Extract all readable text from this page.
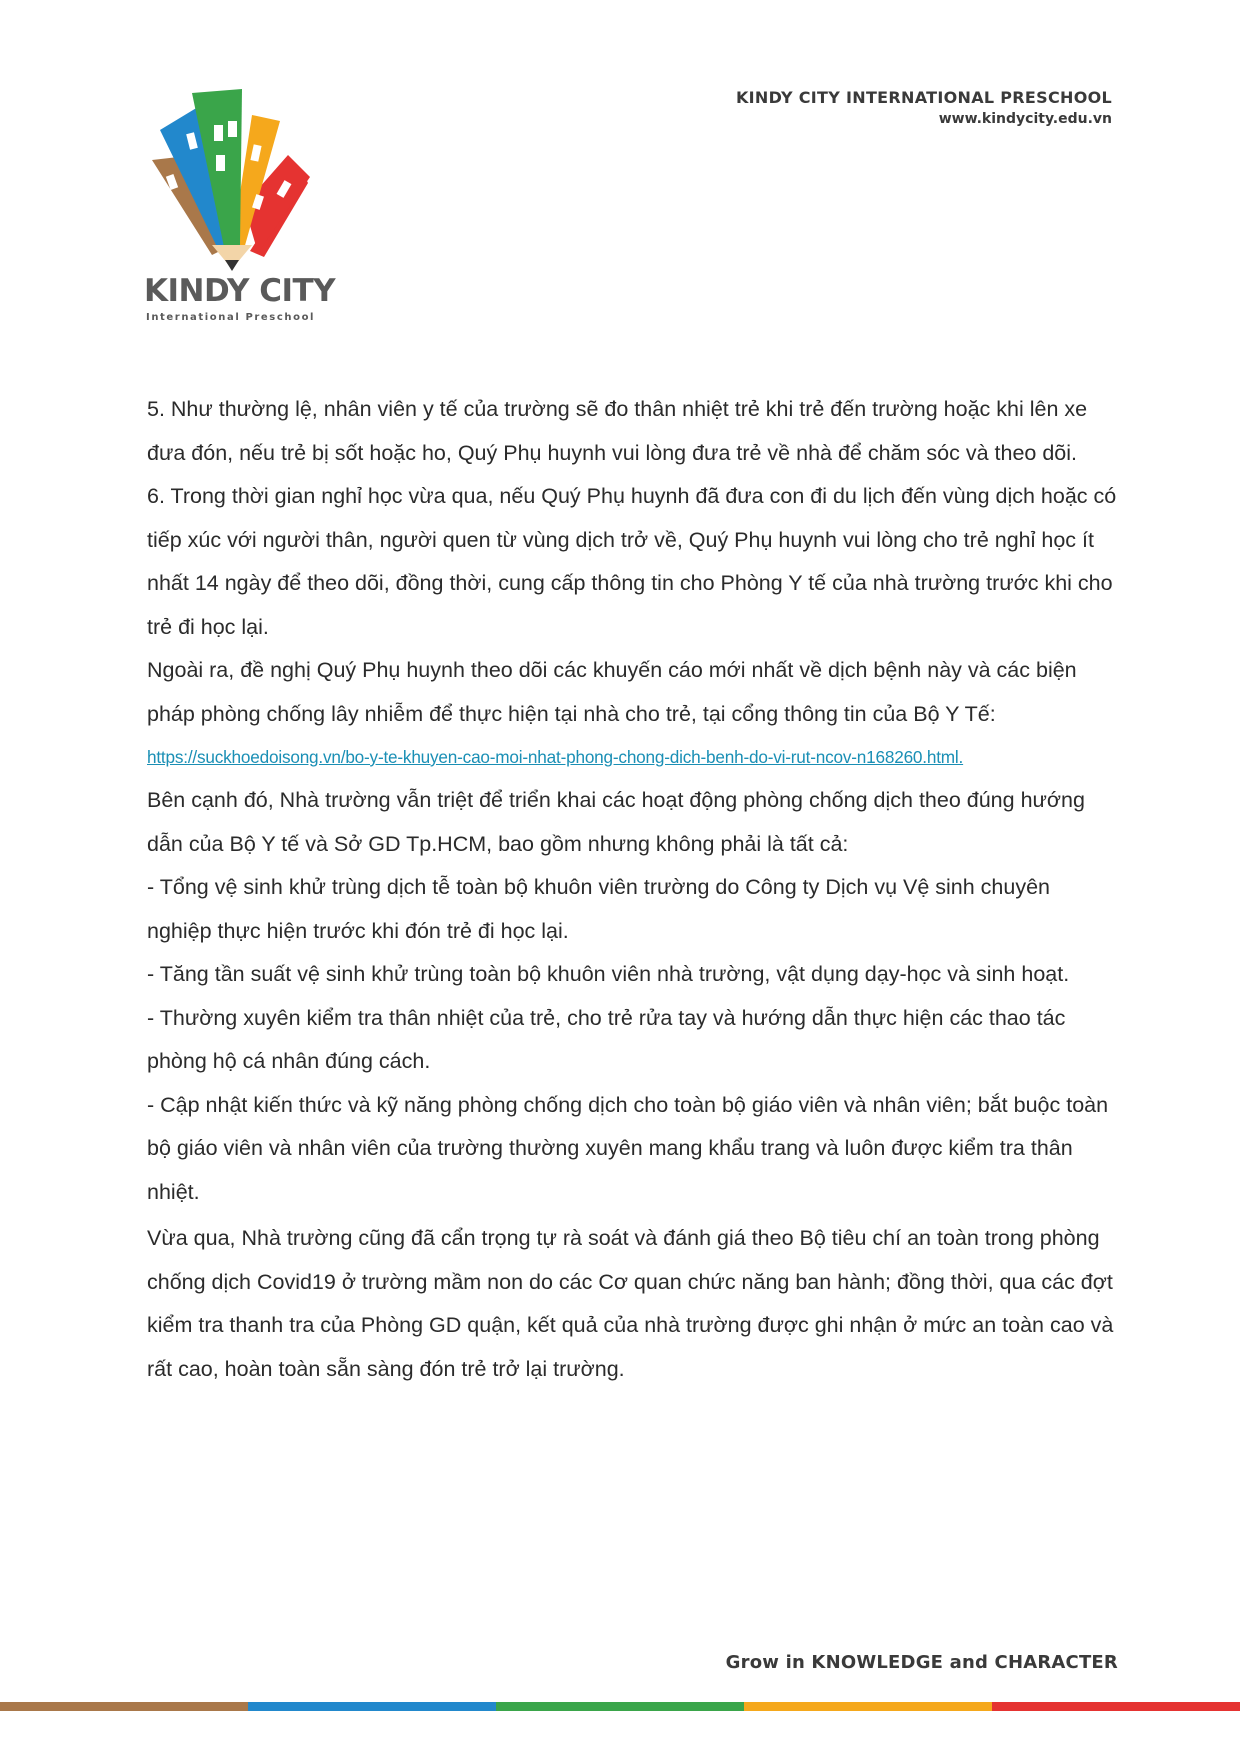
KINDY CITY
International Preschool
KINDY CITY INTERNATIONAL PRESCHOOL
www.kindycity.edu.vn

5. Như thường lệ, nhân viên y tế của trường sẽ đo thân nhiệt trẻ khi trẻ đến trường hoặc khi lên xe đưa đón, nếu trẻ bị sốt hoặc ho, Quý Phụ huynh vui lòng đưa trẻ về nhà để chăm sóc và theo dõi.

6. Trong thời gian nghỉ học vừa qua, nếu Quý Phụ huynh đã đưa con đi du lịch đến vùng dịch hoặc có tiếp xúc với người thân, người quen từ vùng dịch trở về, Quý Phụ huynh vui lòng cho trẻ nghỉ học ít nhất 14 ngày để theo dõi, đồng thời, cung cấp thông tin cho Phòng Y tế của nhà trường trước khi cho trẻ đi học lại.

Ngoài ra, đề nghị Quý Phụ huynh theo dõi các khuyến cáo mới nhất về dịch bệnh này và các biện pháp phòng chống lây nhiễm để thực hiện tại nhà cho trẻ, tại cổng thông tin của Bộ Y Tế:

https://suckhoedoisong.vn/bo-y-te-khuyen-cao-moi-nhat-phong-chong-dich-benh-do-vi-rut-ncov-n168260.html.

Bên cạnh đó, Nhà trường vẫn triệt để triển khai các hoạt động phòng chống dịch theo đúng hướng dẫn của Bộ Y tế và Sở GD Tp.HCM, bao gồm nhưng không phải là tất cả:

- Tổng vệ sinh khử trùng dịch tễ toàn bộ khuôn viên trường do Công ty Dịch vụ Vệ sinh chuyên nghiệp thực hiện trước khi đón trẻ đi học lại.

- Tăng tần suất vệ sinh khử trùng toàn bộ khuôn viên nhà trường, vật dụng dạy-học và sinh hoạt.

- Thường xuyên kiểm tra thân nhiệt của trẻ, cho trẻ rửa tay và hướng dẫn thực hiện các thao tác phòng hộ cá nhân đúng cách.

- Cập nhật kiến thức và kỹ năng phòng chống dịch cho toàn bộ giáo viên và nhân viên; bắt buộc toàn bộ giáo viên và nhân viên của trường thường xuyên mang khẩu trang và luôn được kiểm tra thân nhiệt.

Vừa qua, Nhà trường cũng đã cẩn trọng tự rà soát và đánh giá theo Bộ tiêu chí an toàn trong phòng chống dịch Covid19 ở trường mầm non do các Cơ quan chức năng ban hành; đồng thời, qua các đợt kiểm tra thanh tra của Phòng GD quận, kết quả của nhà trường được ghi nhận ở mức an toàn cao và rất cao, hoàn toàn sẵn sàng đón trẻ trở lại trường.

Grow in KNOWLEDGE and CHARACTER
